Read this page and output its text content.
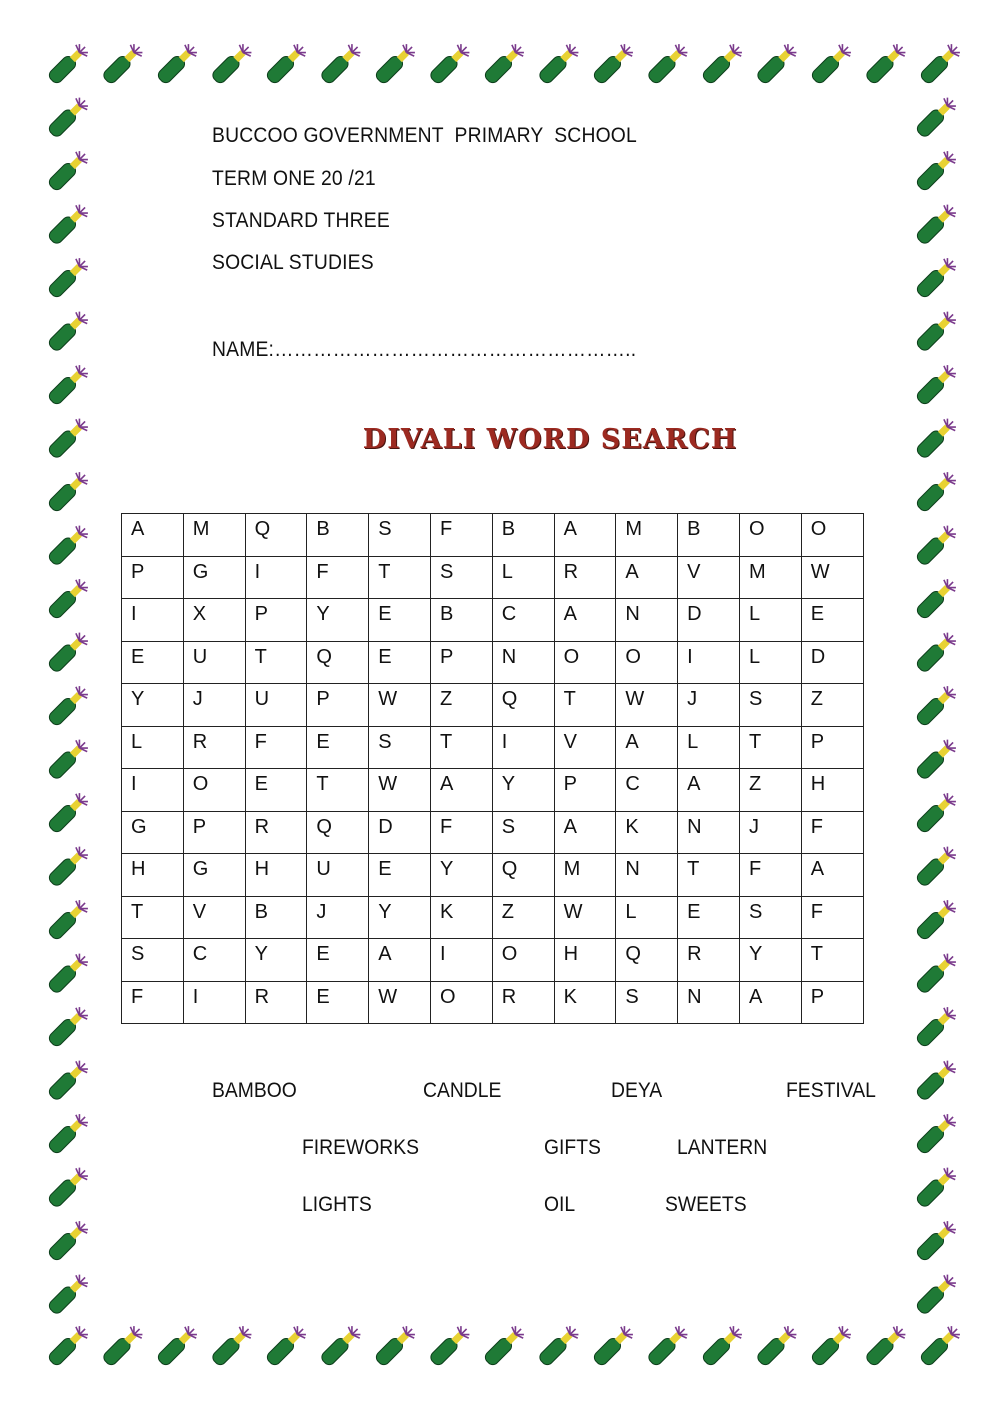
BUCCOO GOVERNMENT  PRIMARY  SCHOOL
TERM ONE 20 /21
STANDARD THREE
SOCIAL STUDIES
NAME:………………………………………………..
DIVALI WORD SEARCH
A	M	Q	B	S	F	B	A	M	B	O	O
P	G	I	F	T	S	L	R	A	V	M	W
I	X	P	Y	E	B	C	A	N	D	L	E
E	U	T	Q	E	P	N	O	O	I	L	D
Y	J	U	P	W	Z	Q	T	W	J	S	Z
L	R	F	E	S	T	I	V	A	L	T	P
I	O	E	T	W	A	Y	P	C	A	Z	H
G	P	R	Q	D	F	S	A	K	N	J	F
H	G	H	U	E	Y	Q	M	N	T	F	A
T	V	B	J	Y	K	Z	W	L	E	S	F
S	C	Y	E	A	I	O	H	Q	R	Y	T
F	I	R	E	W	O	R	K	S	N	A	P
BAMBOO	CANDLE	DEYA	FESTIVAL
FIREWORKS	GIFTS	LANTERN
LIGHTS	OIL	SWEETS
